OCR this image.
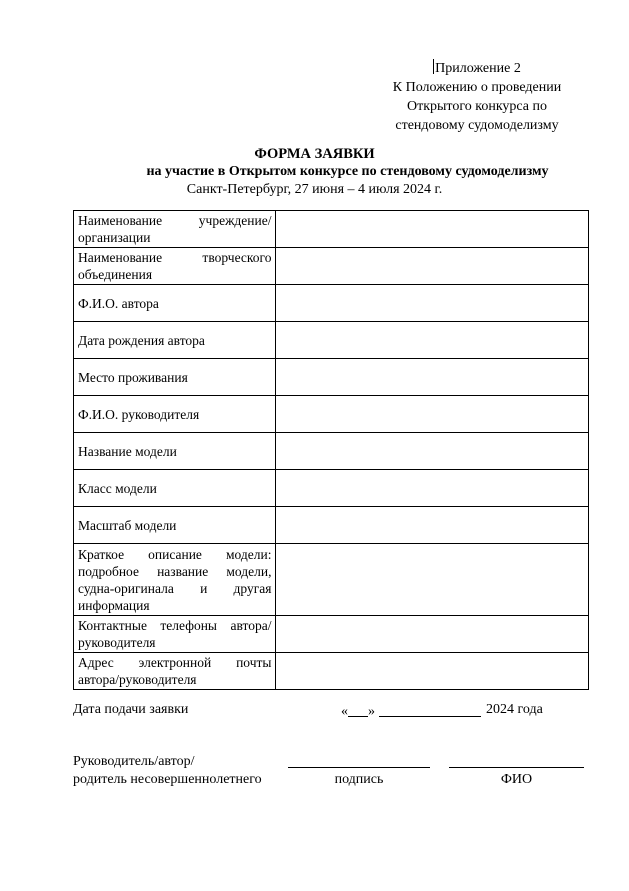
Приложение 2
К Положению о проведении
Открытого конкурса по
стендовому судомоделизму
ФОРМА ЗАЯВКИ
на участие в Открытом конкурсе по стендовому судомоделизму
Санкт-Петербург, 27 июня – 4 июля 2024 г.
Наименование учреждение/организации	
Наименование творческого объединения	
Ф.И.О. автора	
Дата рождения автора	
Место проживания	
Ф.И.О. руководителя	
Название модели	
Класс модели	
Масштаб модели	
Краткое описание модели: подробное название модели, судна-оригинала и другая информация	
Контактные телефоны автора/руководителя	
Адрес электронной почты автора/руководителя	
Дата подачи заявки	« »	2024 года
Руководитель/автор/
родитель несовершеннолетнего	подпись	ФИО
